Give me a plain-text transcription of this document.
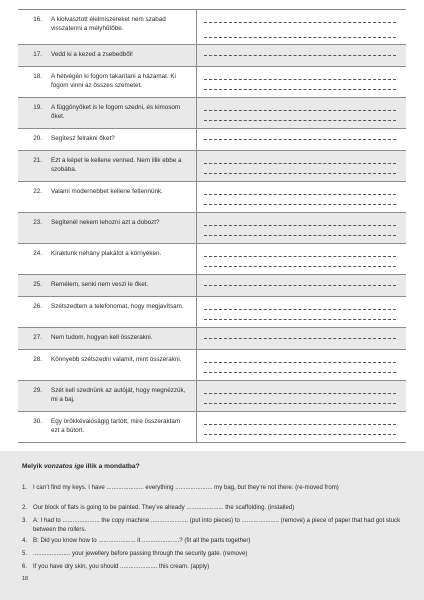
16. A kiolvasztott élelmiszereket nem szabad visszatenni a mélyhűtőbe.
17. Vedd ki a kezed a zsebedből!
18. A hétvégén ki fogom takarítani a házamat. Ki fogom vinni az összes szemetet.
19. A függönyöket is le fogom szedni, és kimosom őket.
20. Segítesz felrakni őket?
21. Ezt a képet le kellene venned. Nem illik ebbe a szobába.
22. Valami modernebbet kellene feltennünk.
23. Segítenél nekem lehozni azt a dobozt?
24. Kiraktunk néhány plakátot a környéken.
25. Remélem, senki nem veszi le őket.
26. Szétszedtem a telefonomat, hogy megjavítsam.
27. Nem tudom, hogyan kell összerakni.
28. Könnyebb szétszedni valamit, mint összerakni.
29. Szét kell szednünk az autóját, hogy megnézzük, mi a baj.
30. Egy örökkévalóságig tartott, mire összeraktam ezt a bútort.
Melyik vonzatos ige illik a mondatba?
1. I can’t find my keys. I have ...................... everything ...................... my bag, but they’re not there. (re-moved from)
2. Our block of flats is going to be painted. They’ve already ...................... the scaffolding. (installed)
3. A: I had to ...................... the copy machine ...................... (put into pieces) to ...................... (remove) a piece of paper that had got stuck between the rollers.
4. B: Did you know how to ...................... it ......................? (fit all the parts together)
5. ...................... your jewellery before passing through the security gate. (remove)
6. If you have dry skin, you should ...................... this cream. (apply)
18
